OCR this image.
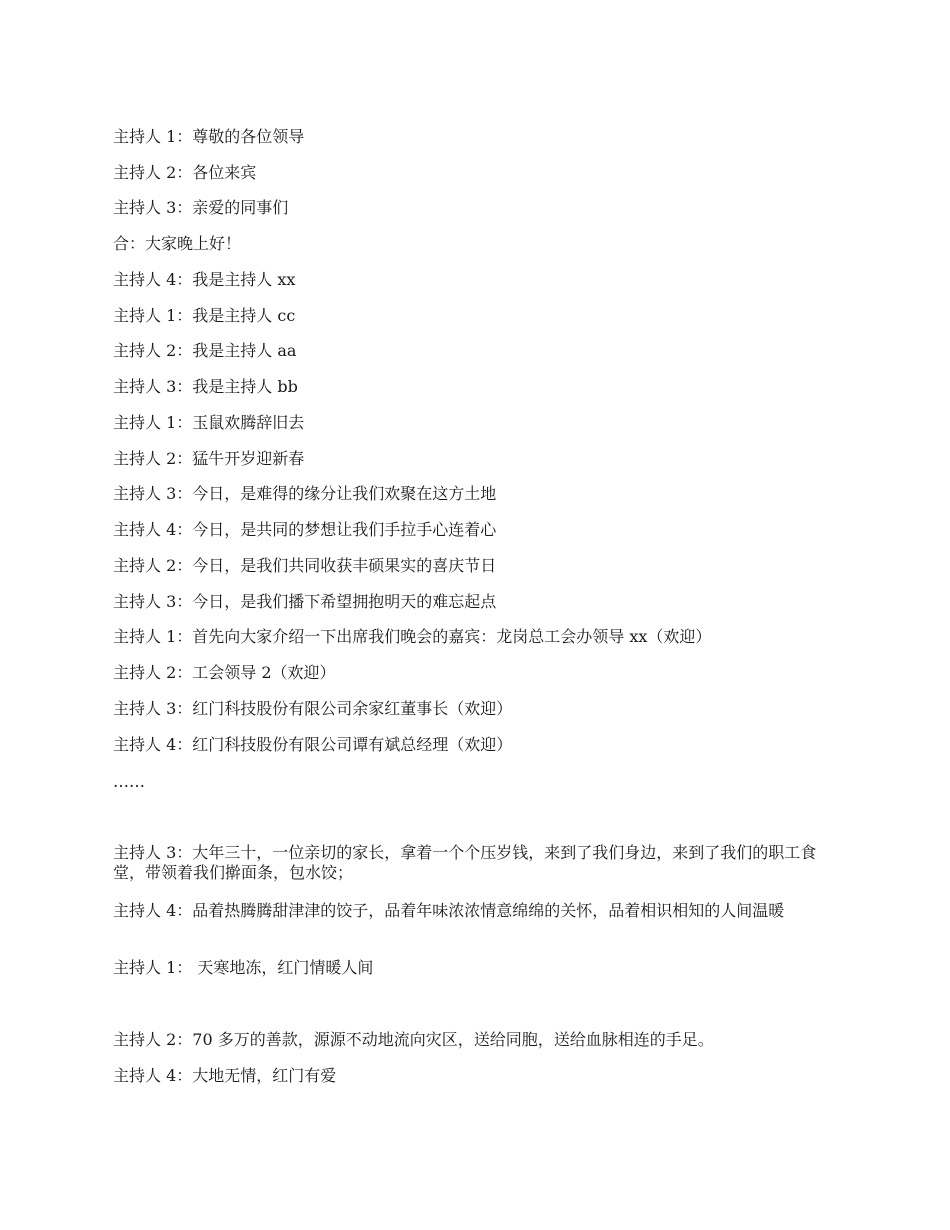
主持人 1：尊敬的各位领导
主持人 2：各位来宾
主持人 3：亲爱的同事们
合：大家晚上好！
主持人 4：我是主持人 xx
主持人 1：我是主持人 cc
主持人 2：我是主持人 aa
主持人 3：我是主持人 bb
主持人 1：玉鼠欢腾辞旧去
主持人 2：猛牛开岁迎新春
主持人 3：今日，是难得的缘分让我们欢聚在这方土地
主持人 4：今日，是共同的梦想让我们手拉手心连着心
主持人 2：今日，是我们共同收获丰硕果实的喜庆节日
主持人 3：今日，是我们播下希望拥抱明天的难忘起点
主持人 1：首先向大家介绍一下出席我们晚会的嘉宾：龙岗总工会办领导 xx（欢迎）
主持人 2：工会领导 2（欢迎）
主持人 3：红门科技股份有限公司余家红董事长（欢迎）
主持人 4：红门科技股份有限公司谭有斌总经理（欢迎）
……
主持人 3：大年三十，一位亲切的家长，拿着一个个压岁钱，来到了我们身边，来到了我们的职工食堂，带领着我们擀面条，包水饺；
主持人 4：品着热腾腾甜津津的饺子，品着年味浓浓情意绵绵的关怀，品着相识相知的人间温暖
主持人 1： 天寒地冻，红门情暖人间
主持人 2：70 多万的善款，源源不动地流向灾区，送给同胞，送给血脉相连的手足。
主持人 4：大地无情，红门有爱
